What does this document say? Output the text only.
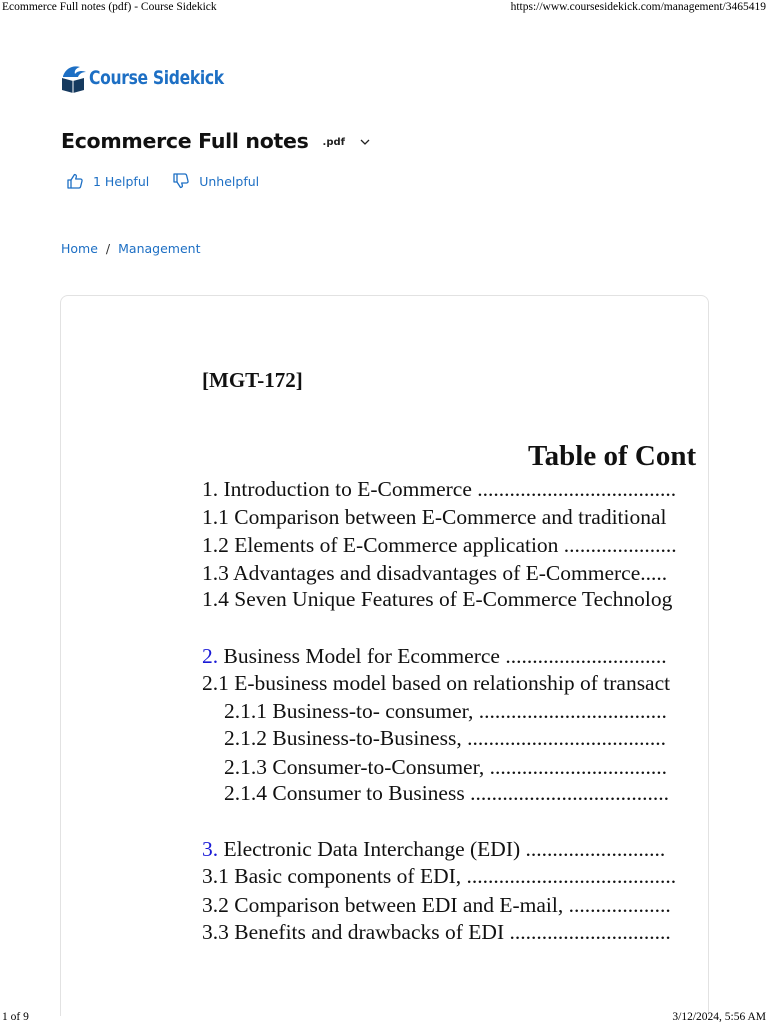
Ecommerce Full notes (pdf) - Course Sidekick	https://www.coursesidekick.com/management/3465419
Course Sidekick
Ecommerce Full notes .pdf
1 Helpful	Unhelpful
Home / Management
[MGT-172]
Table of Cont
1. Introduction to E-Commerce .....................................
1.1 Comparison between E-Commerce and traditional
1.2 Elements of E-Commerce application .....................
1.3 Advantages and disadvantages of E-Commerce.....
1.4 Seven Unique Features of E-Commerce Technolog
2. Business Model for Ecommerce ..............................
2.1 E-business model based on relationship of transact
2.1.1 Business-to- consumer, ...................................
2.1.2 Business-to-Business, .....................................
2.1.3 Consumer-to-Consumer, .................................
2.1.4 Consumer to Business .....................................
3. Electronic Data Interchange (EDI) ..........................
3.1 Basic components of EDI, .......................................
3.2 Comparison between EDI and E-mail, ...................
3.3 Benefits and drawbacks of EDI ..............................
1 of 9	3/12/2024, 5:56 AM
